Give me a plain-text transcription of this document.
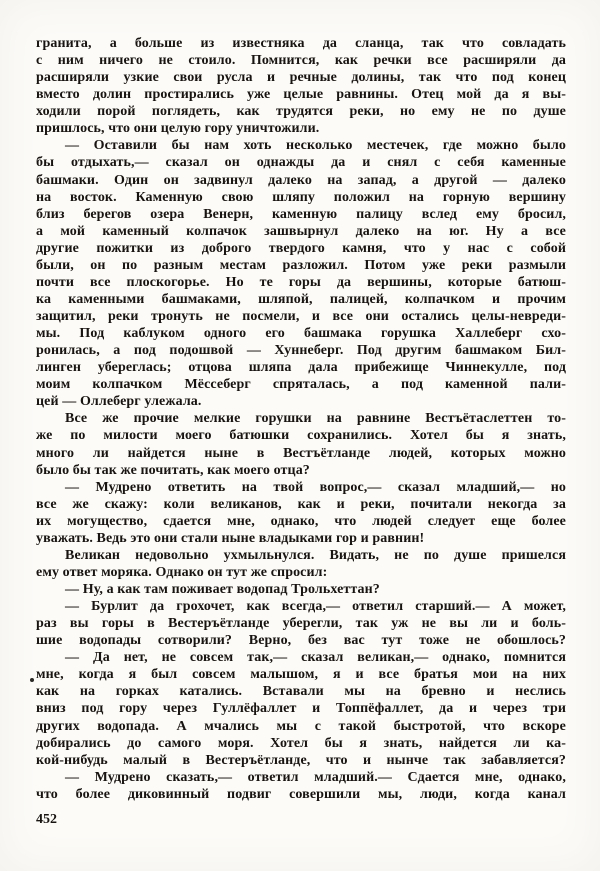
гранита, а больше из известняка да сланца, так что совладать
с ним ничего не стоило. Помнится, как речки все расширяли да
расширяли узкие свои русла и речные долины, так что под конец
вместо долин простирались уже целые равнины. Отец мой да я вы-
ходили порой поглядеть, как трудятся реки, но ему не по душе
пришлось, что они целую гору уничтожили.
— Оставили бы нам хоть несколько местечек, где можно было
бы отдыхать,— сказал он однажды да и снял с себя каменные
башмаки. Один он задвинул далеко на запад, а другой — далеко
на восток. Каменную свою шляпу положил на горную вершину
близ берегов озера Венерн, каменную палицу вслед ему бросил,
а мой каменный колпачок зашвырнул далеко на юг. Ну а все
другие пожитки из доброго твердого камня, что у нас с собой
были, он по разным местам разложил. Потом уже реки размыли
почти все плоскогорье. Но те горы да вершины, которые батюш-
ка каменными башмаками, шляпой, палицей, колпачком и прочим
защитил, реки тронуть не посмели, и все они остались целы-невреди-
мы. Под каблуком одного его башмака горушка Халлеберг схо-
ронилась, а под подошвой — Хуннеберг. Под другим башмаком Бил-
линген убереглась; отцова шляпа дала прибежище Чиннекулле, под
моим колпачком Мёссеберг спряталась, а под каменной пали-
цей — Оллеберг улежала.
Все же прочие мелкие горушки на равнине Вестъётаслеттен то-
же по милости моего батюшки сохранились. Хотел бы я знать,
много ли найдется ныне в Вестъётланде людей, которых можно
было бы так же почитать, как моего отца?
— Мудрено ответить на твой вопрос,— сказал младший,— но
все же скажу: коли великанов, как и реки, почитали некогда за
их могущество, сдается мне, однако, что людей следует еще более
уважать. Ведь это они стали ныне владыками гор и равнин!
Великан недовольно ухмыльнулся. Видать, не по душе пришелся
ему ответ моряка. Однако он тут же спросил:
— Ну, а как там поживает водопад Трольхеттан?
— Бурлит да грохочет, как всегда,— ответил старший.— А может,
раз вы горы в Вестеръётланде уберегли, так уж не вы ли и боль-
шие водопады сотворили? Верно, без вас тут тоже не обошлось?
— Да нет, не совсем так,— сказал великан,— однако, помнится
мне, когда я был совсем малышом, я и все братья мои на них
как на горках катались. Вставали мы на бревно и неслись
вниз под гору через Гуллёфаллет и Топпёфаллет, да и через три
других водопада. А мчались мы с такой быстротой, что вскоре
добирались до самого моря. Хотел бы я знать, найдется ли ка-
кой-нибудь малый в Вестеръётланде, что и нынче так забавляется?
— Мудрено сказать,— ответил младший.— Сдается мне, однако,
что более диковинный подвиг совершили мы, люди, когда канал
452
